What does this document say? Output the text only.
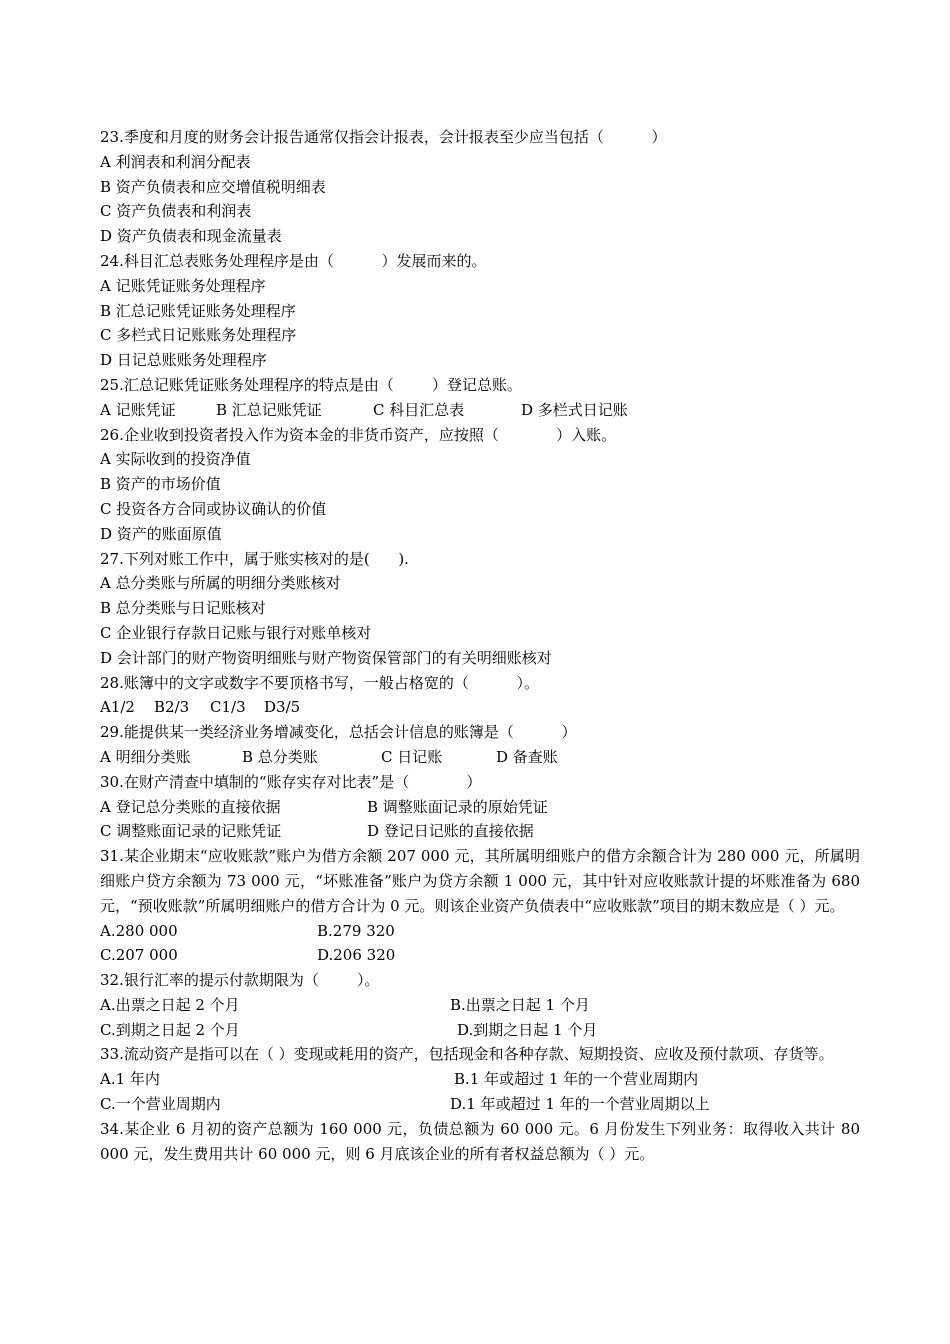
23.季度和月度的财务会计报告通常仅指会计报表，会计报表至少应当包括（          ）
A 利润表和利润分配表
B 资产负债表和应交增值税明细表
C 资产负债表和利润表
D 资产负债表和现金流量表
24.科目汇总表账务处理程序是由（          ）发展而来的。
A 记账凭证账务处理程序
B 汇总记账凭证账务处理程序
C 多栏式日记账账务处理程序
D 日记总账账务处理程序
25.汇总记账凭证账务处理程序的特点是由（        ）登记总账。
A 记账凭证	B 汇总记账凭证	C 科目汇总表	D 多栏式日记账
26.企业收到投资者投入作为资本金的非货币资产，应按照（            ）入账。
A 实际收到的投资净值
B 资产的市场价值
C 投资各方合同或协议确认的价值
D 资产的账面原值
27.下列对账工作中，属于账实核对的是(      ).
A 总分类账与所属的明细分类账核对
B 总分类账与日记账核对
C 企业银行存款日记账与银行对账单核对
D 会计部门的财产物资明细账与财产物资保管部门的有关明细账核对
28.账簿中的文字或数字不要顶格书写，一般占格宽的（          ）。
A1/2	B2/3	C1/3	D3/5
29.能提供某一类经济业务增减变化，总括会计信息的账簿是（          ）
A 明细分类账	B 总分类账	C 日记账	D 备查账
30.在财产清查中填制的“账存实存对比表”是（            ）
A 登记总分类账的直接依据	B 调整账面记录的原始凭证
C 调整账面记录的记账凭证	D 登记日记账的直接依据
31.某企业期末“应收账款”账户为借方余额 207 000 元，其所属明细账户的借方余额合计为 280 000 元，所属明细账户贷方余额为 73 000 元，“坏账准备”账户为贷方余额 1 000 元，其中针对应收账款计提的坏账准备为 680 元，“预收账款”所属明细账户的借方合计为 0 元。则该企业资产负债表中“应收账款”项目的期末数应是（ ）元。
A.280 000	B.279 320
C.207 000	D.206 320
32.银行汇率的提示付款期限为（        ）。
A.出票之日起 2 个月	B.出票之日起 1 个月
C.到期之日起 2 个月	D.到期之日起 1 个月
33.流动资产是指可以在（ ）变现或耗用的资产，包括现金和各种存款、短期投资、应收及预付款项、存货等。
A.1 年内	B.1 年或超过 1 年的一个营业周期内
C.一个营业周期内	D.1 年或超过 1 年的一个营业周期以上
34.某企业 6 月初的资产总额为 160 000 元，负债总额为 60 000 元。6 月份发生下列业务：取得收入共计 80 000 元，发生费用共计 60 000 元，则 6 月底该企业的所有者权益总额为（ ）元。
